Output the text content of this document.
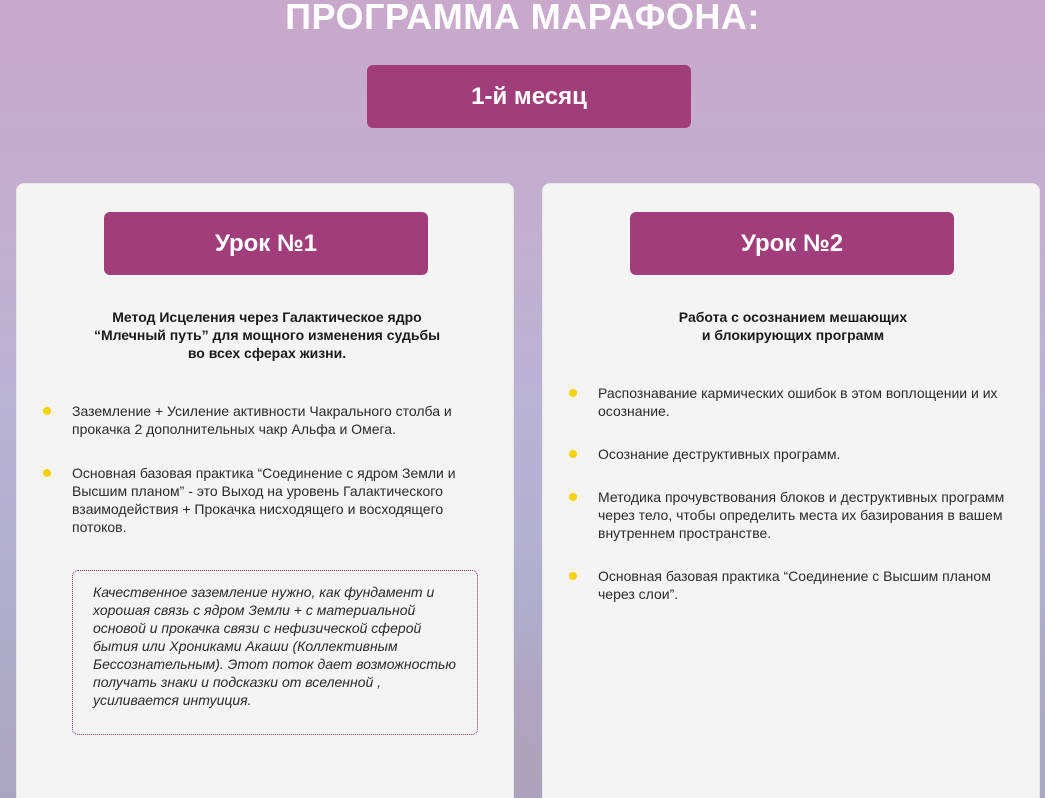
ПРОГРАММА МАРАФОНА:
1-й месяц
Урок №1
Метод Исцеления через Галактическое ядро
“Млечный путь” для мощного изменения судьбы
во всех сферах жизни.
Заземление + Усиление активности Чакрального столба и прокачка 2 дополнительных чакр Альфа и Омега.
Основная базовая практика “Соединение с ядром Земли и Высшим планом” - это Выход на уровень Галактического взаимодействия + Прокачка нисходящего и восходящего потоков.
Качественное заземление нужно, как фундамент и хорошая связь с ядром Земли + с материальной основой и прокачка связи с нефизической сферой бытия или Хрониками Акаши (Коллективным Бессознательным). Этот поток дает возможностью получать знаки и подсказки от вселенной , усиливается интуиция.
Урок №2
Работа с осознанием мешающих
и блокирующих программ
Распознавание кармических ошибок в этом воплощении и их осознание.
Осознание деструктивных программ.
Методика прочувствования блоков и деструктивных программ через тело, чтобы определить места их базирования в вашем внутреннем пространстве.
Основная базовая практика “Соединение с Высшим планом через слои”.
